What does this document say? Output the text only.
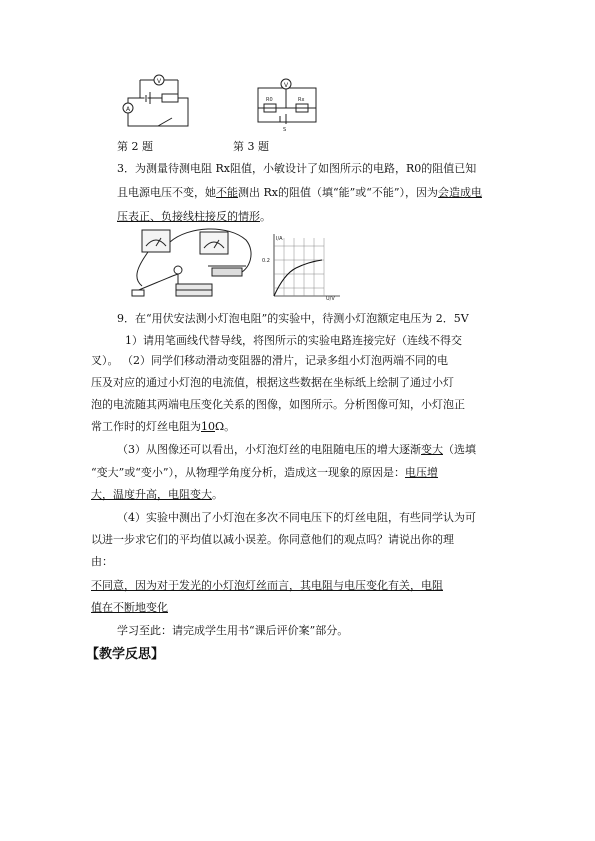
V
A
V
R0	Rx
S
第 2 题	第 3 题
3．为测量待测电阻 Rx阻值，小敏设计了如图所示的电路，R0的阻值已知
且电源电压不变，她不能测出 Rx的阻值（填“能”或“不能”），因为会造成电
压表正、负接线柱接反的情形。
I/A
0.2
U/V
9．在“用伏安法测小灯泡电阻”的实验中，待测小灯泡额定电压为 2．5V
1）请用笔画线代替导线，将图所示的实验电路连接完好（连线不得交
叉）。 （2）同学们移动滑动变阻器的滑片，记录多组小灯泡两端不同的电
压及对应的通过小灯泡的电流值，根据这些数据在坐标纸上绘制了通过小灯
泡的电流随其两端电压变化关系的图像，如图所示。分析图像可知，小灯泡正
常工作时的灯丝电阻为10Ω。
（3）从图像还可以看出，小灯泡灯丝的电阻随电压的增大逐渐变大（选填
“变大”或“变小”），从物理学角度分析，造成这一现象的原因是：电压增
大，温度升高，电阻变大。
（4）实验中测出了小灯泡在多次不同电压下的灯丝电阻，有些同学认为可
以进一步求它们的平均值以减小误差。你同意他们的观点吗？请说出你的理
由：
不同意，因为对于发光的小灯泡灯丝而言，其电阻与电压变化有关，电阻
值在不断地变化
学习至此：请完成学生用书“课后评价案”部分。
【教学反思】
